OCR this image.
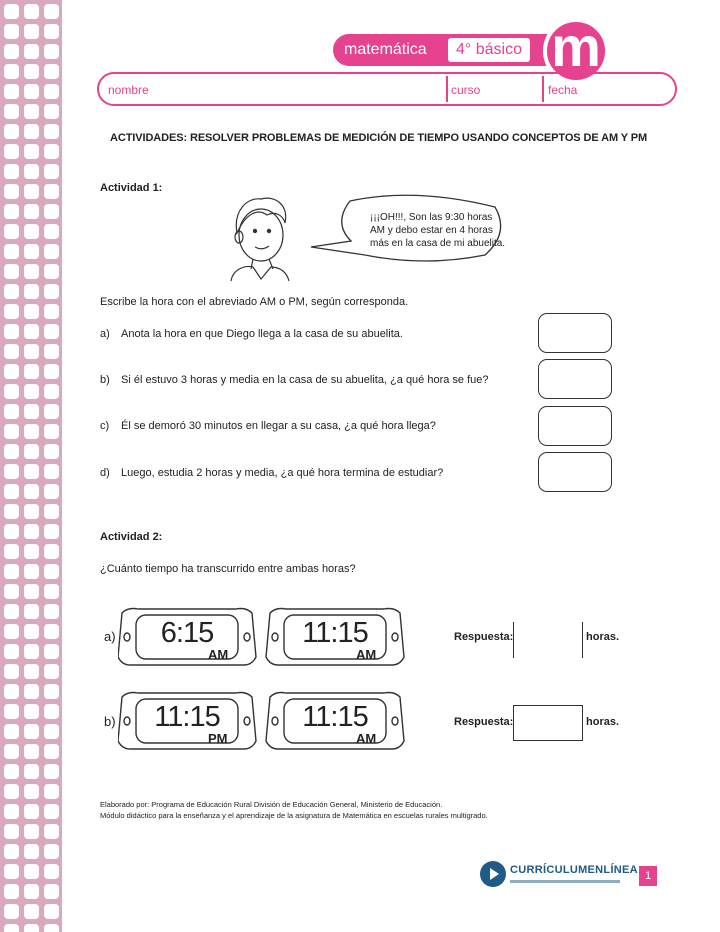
matemática	4° básico m
nombre	curso	fecha
ACTIVIDADES: RESOLVER PROBLEMAS DE MEDICIÓN DE TIEMPO USANDO CONCEPTOS DE AM Y PM
Actividad 1:
¡¡¡OH!!!, Son las 9:30 horas
AM y debo estar en 4 horas
más en la casa de mi abuelita.
Escribe la hora con el abreviado AM o PM, según corresponda.
a) Anota la hora en que Diego llega a la casa de su abuelita.
b) Si él estuvo 3 horas y media en la casa de su abuelita, ¿a qué hora se fue?
c) Él se demoró 30 minutos en llegar a su casa, ¿a qué hora llega?
d) Luego, estudia 2 horas y media, ¿a qué hora termina de estudiar?
Actividad 2:
¿Cuánto tiempo ha transcurrido entre ambas horas?
a)	6:15
AM
11:15
AM
Respuesta:	horas.
b)	11:15
PM
11:15
AM
Respuesta:	horas.
Elaborado por: Programa de Educación Rural División de Educación General, Ministerio de Educación.
Módulo didáctico para la enseñanza y el aprendizaje de la asignatura de Matemática en escuelas rurales multigrado.
CURRÍCULUMENLÍNEA 1
